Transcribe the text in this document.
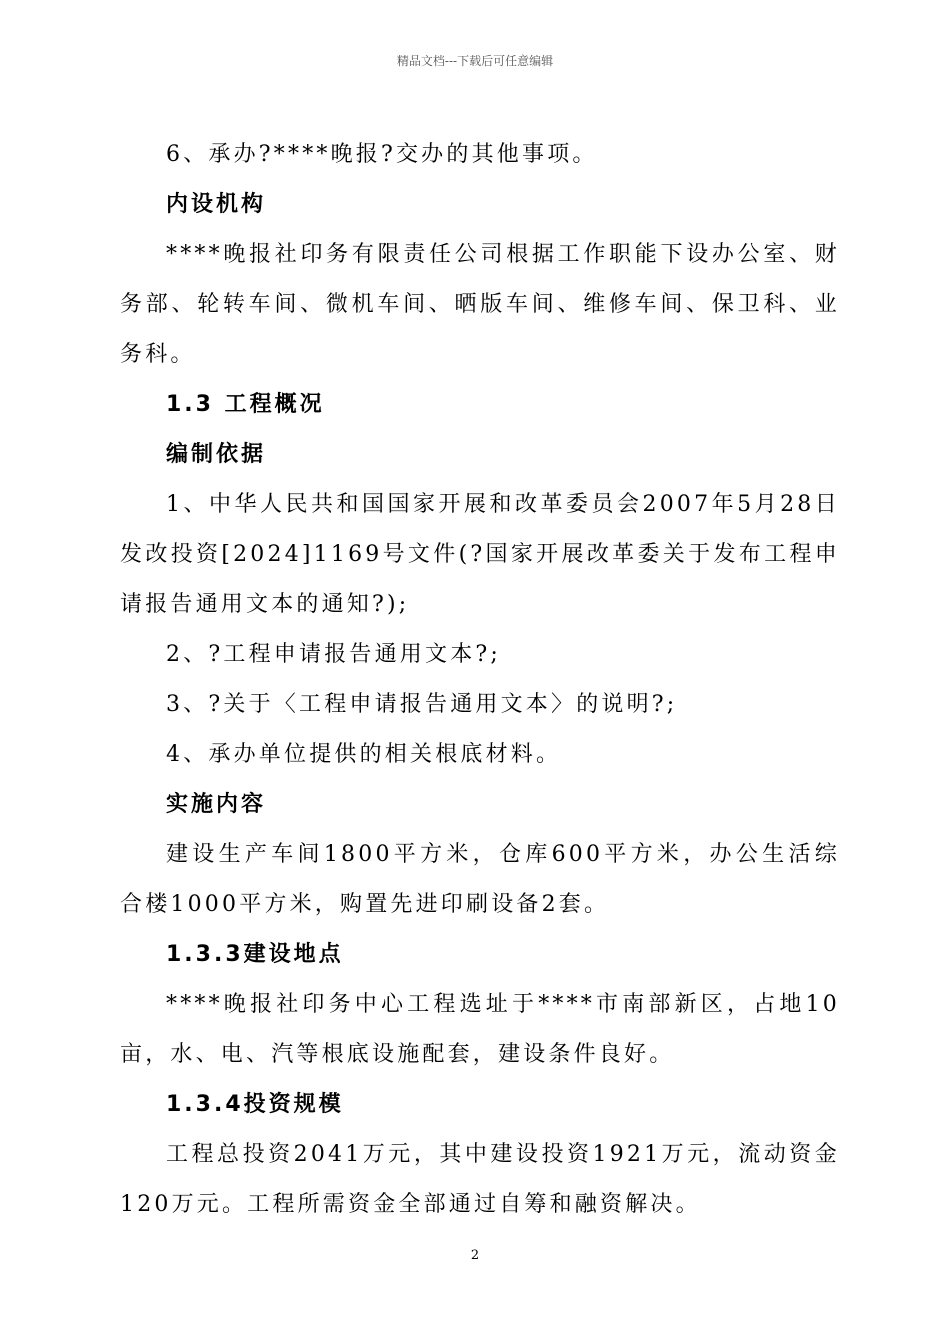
精品文档---下载后可任意编辑

6、承办?****晚报?交办的其他事项。

内设机构

****晚报社印务有限责任公司根据工作职能下设办公室、财务部、轮转车间、微机车间、晒版车间、维修车间、保卫科、业务科。

1.3 工程概况
编制依据

1、中华人民共和国国家开展和改革委员会2007年5月28日发改投资[2024]1169号文件(?国家开展改革委关于发布工程申请报告通用文本的通知?);

2、?工程申请报告通用文本?;

3、?关于〈工程申请报告通用文本〉的说明?;

4、承办单位提供的相关根底材料。

实施内容

建设生产车间1800平方米，仓库600平方米，办公生活综合楼1000平方米，购置先进印刷设备2套。

1.3.3建设地点

****晚报社印务中心工程选址于****市南部新区，占地10亩，水、电、汽等根底设施配套，建设条件良好。

1.3.4投资规模

工程总投资2041万元，其中建设投资1921万元，流动资金120万元。工程所需资金全部通过自筹和融资解决。

2
